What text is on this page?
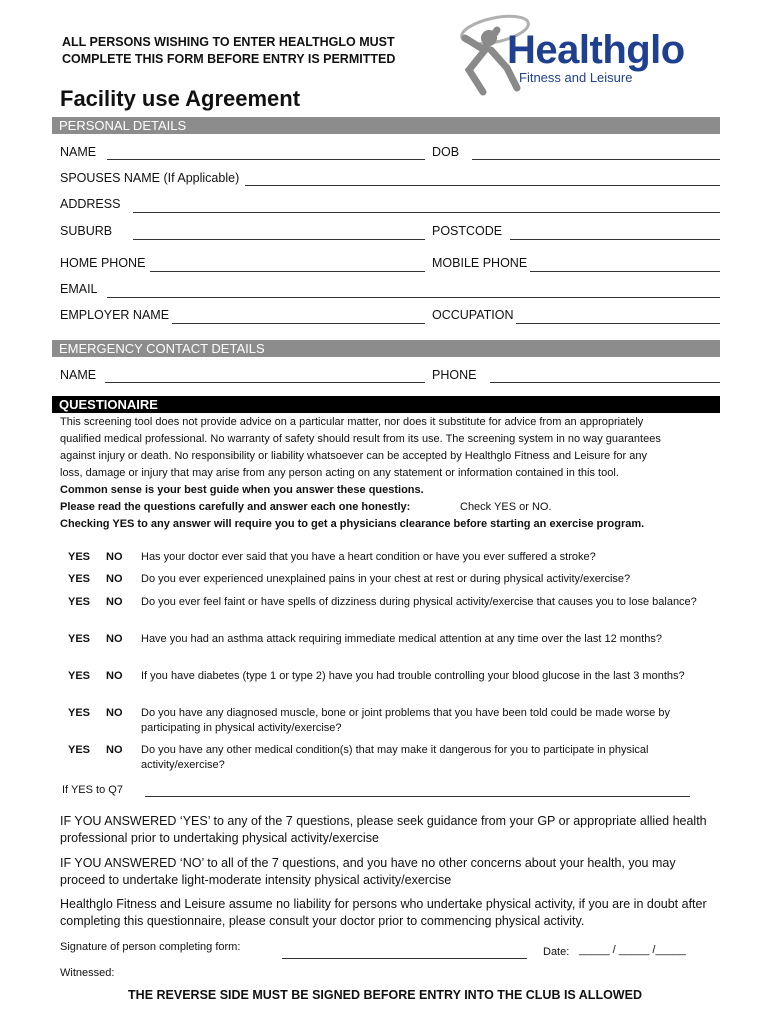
ALL PERSONS WISHING TO ENTER HEALTHGLO MUST
COMPLETE THIS FORM BEFORE ENTRY IS PERMITTED	Healthglo
Fitness and Leisure
Facility use Agreement
PERSONAL DETAILS
NAME	DOB
SPOUSES NAME (If Applicable)
ADDRESS
SUBURB	POSTCODE
HOME PHONE	MOBILE PHONE
EMAIL
EMPLOYER NAME	OCCUPATION
EMERGENCY CONTACT DETAILS
NAME	PHONE
QUESTIONAIRE
This screening tool does not provide advice on a particular matter, nor does it substitute for advice from an appropriately
qualified medical professional. No warranty of safety should result from its use. The screening system in no way guarantees
against injury or death. No responsibility or liability whatsoever can be accepted by Healthglo Fitness and Leisure for any
loss, damage or injury that may arise from any person acting on any statement or information contained in this tool.
Common sense is your best guide when you answer these questions.
Please read the questions carefully and answer each one honestly:	Check YES or NO.
Checking YES to any answer will require you to get a physicians clearance before starting an exercise program.
YES NO Has your doctor ever said that you have a heart condition or have you ever suffered a stroke?
YES NO Do you ever experienced unexplained pains in your chest at rest or during physical activity/exercise?
YES NO Do you ever feel faint or have spells of dizziness during physical activity/exercise that causes you to lose balance?
YES NO Have you had an asthma attack requiring immediate medical attention at any time over the last 12 months?
YES NO If you have diabetes (type 1 or type 2) have you had trouble controlling your blood glucose in the last 3 months?
YES NO Do you have any diagnosed muscle, bone or joint problems that you have been told could be made worse by participating in physical activity/exercise?
YES NO Do you have any other medical condition(s) that may make it dangerous for you to participate in physical activity/exercise?
If YES to Q7
IF YOU ANSWERED ‘YES’ to any of the 7 questions, please seek guidance from your GP or appropriate allied health professional prior to undertaking physical activity/exercise
IF YOU ANSWERED ‘NO’ to all of the 7 questions, and you have no other concerns about your health, you may proceed to undertake light-moderate intensity physical activity/exercise
Healthglo Fitness and Leisure assume no liability for persons who undertake physical activity, if you are in doubt after completing this questionnaire, please consult your doctor prior to commencing physical activity.
Signature of person completing form:	Date: _____ / _____ /_____
Witnessed:
THE REVERSE SIDE MUST BE SIGNED BEFORE ENTRY INTO THE CLUB IS ALLOWED
